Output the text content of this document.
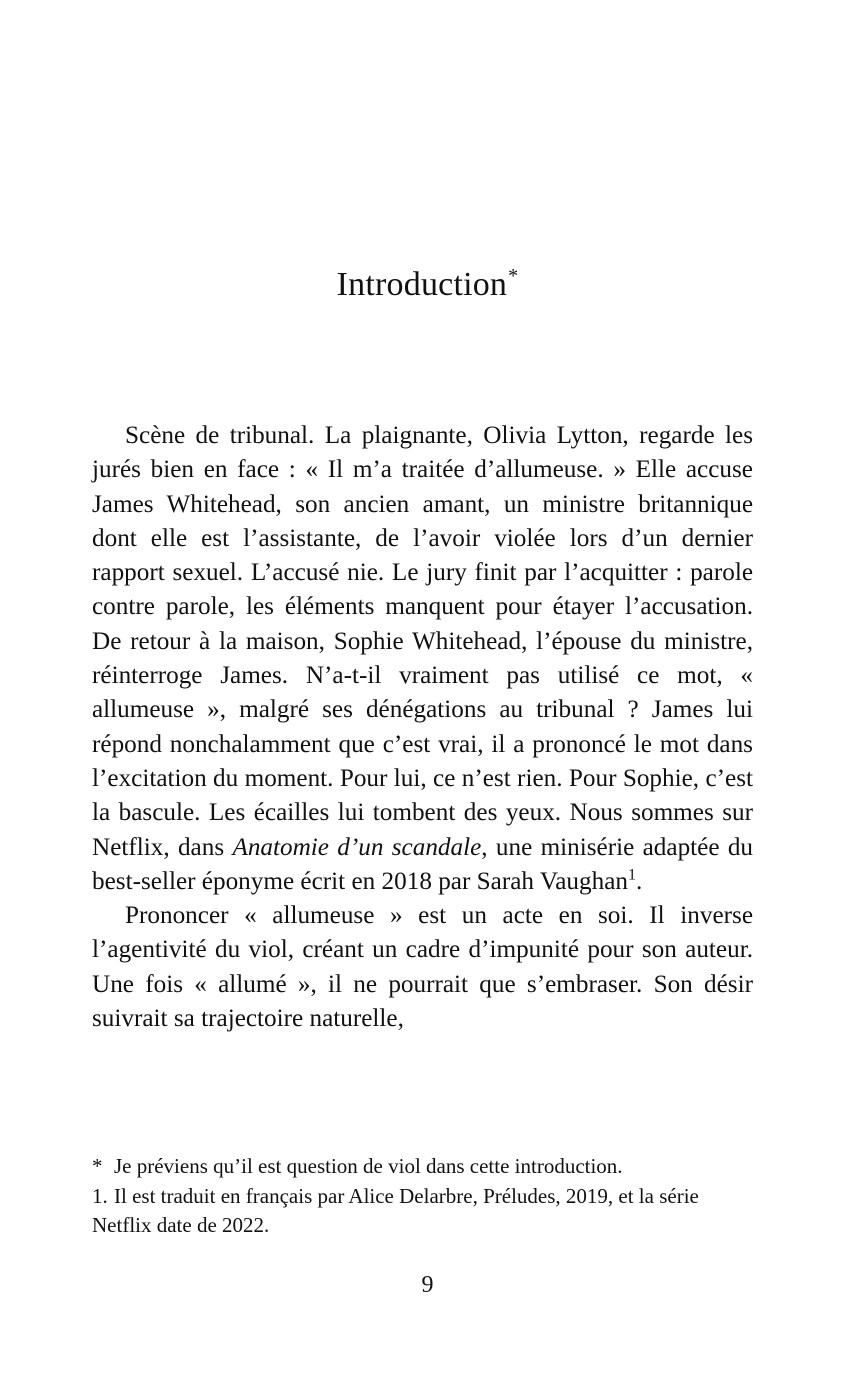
Introduction*

Scène de tribunal. La plaignante, Olivia Lytton, regarde les jurés bien en face : « Il m’a traitée d’allumeuse. » Elle accuse James Whitehead, son ancien amant, un ministre britannique dont elle est l’assistante, de l’avoir violée lors d’un dernier rapport sexuel. L’accusé nie. Le jury finit par l’acquitter : parole contre parole, les éléments manquent pour étayer l’accusation. De retour à la maison, Sophie Whitehead, l’épouse du ministre, réinterroge James. N’a-t-il vraiment pas utilisé ce mot, « allumeuse », malgré ses dénégations au tribunal ? James lui répond nonchalamment que c’est vrai, il a prononcé le mot dans l’excitation du moment. Pour lui, ce n’est rien. Pour Sophie, c’est la bascule. Les écailles lui tombent des yeux. Nous sommes sur Netflix, dans Anatomie d’un scandale, une minisérie adaptée du best-seller éponyme écrit en 2018 par Sarah Vaughan$^1$.

Prononcer « allumeuse » est un acte en soi. Il inverse l’agentivité du viol, créant un cadre d’impunité pour son auteur. Une fois « allumé », il ne pourrait que s’embraser. Son désir suivrait sa trajectoire naturelle,

* Je préviens qu’il est question de viol dans cette introduction.

1. Il est traduit en français par Alice Delarbre, Préludes, 2019, et la série Netflix date de 2022.

9
